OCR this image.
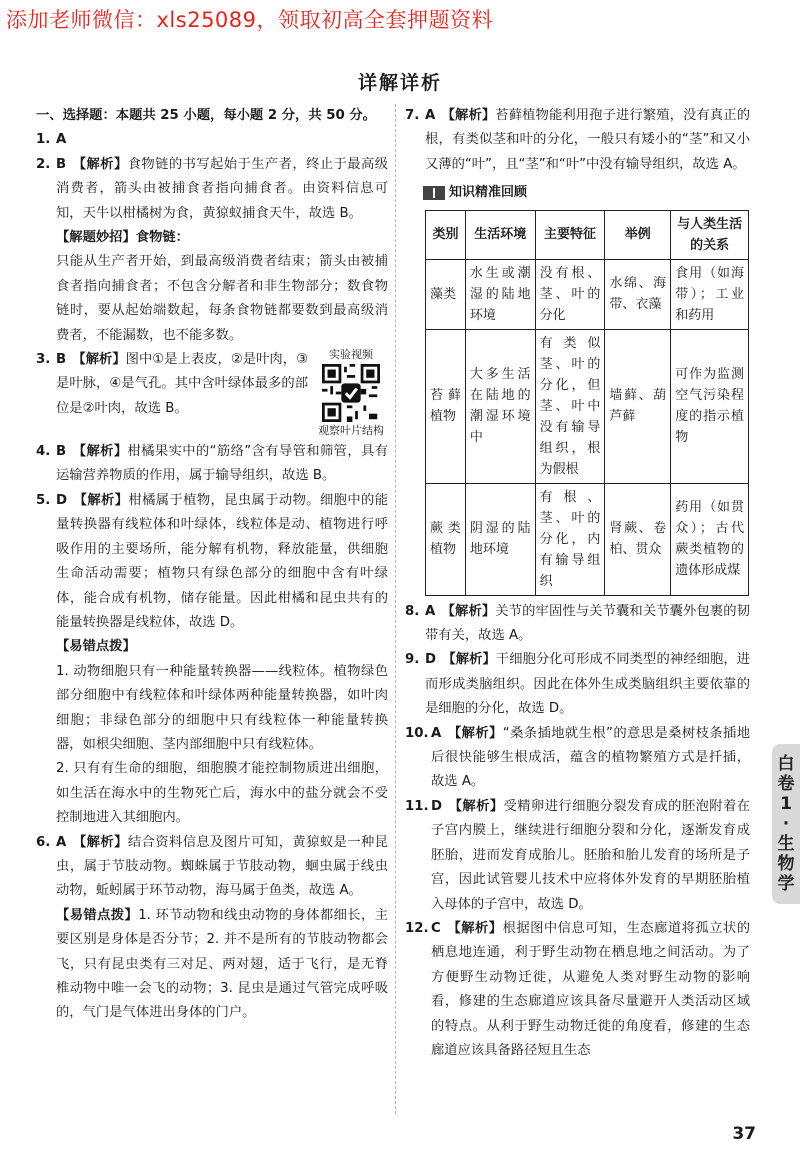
添加老师微信：xls25089，领取初高全套押题资料
详解详析

一、选择题：本题共 25 小题，每小题 2 分，共 50 分。

1. A
2. B 【解析】食物链的书写起始于生产者，终止于最高级消费者，箭头由被捕食者指向捕食者。由资料信息可知，天牛以柑橘树为食，黄猄蚁捕食天牛，故选 B。
【解题妙招】食物链：
只能从生产者开始，到最高级消费者结束；箭头由被捕食者指向捕食者；不包含分解者和非生物部分；数食物链时，要从起始端数起，每条食物链都要数到最高级消费者，不能漏数，也不能多数。
3.	实验视频
观察叶片结构
B 【解析】图中①是上表皮，②是叶肉，③是叶脉，④是气孔。其中含叶绿体最多的部位是②叶肉，故选 B。
4. B 【解析】柑橘果实中的“筋络”含有导管和筛管，具有运输营养物质的作用，属于输导组织，故选 B。
5. D 【解析】柑橘属于植物，昆虫属于动物。细胞中的能量转换器有线粒体和叶绿体，线粒体是动、植物进行呼吸作用的主要场所，能分解有机物，释放能量，供细胞生命活动需要；植物只有绿色部分的细胞中含有叶绿体，能合成有机物，储存能量。因此柑橘和昆虫共有的能量转换器是线粒体，故选 D。
【易错点拨】
1. 动物细胞只有一种能量转换器——线粒体。植物绿色部分细胞中有线粒体和叶绿体两种能量转换器，如叶肉细胞；非绿色部分的细胞中只有线粒体一种能量转换器，如根尖细胞、茎内部细胞中只有线粒体。
2. 只有有生命的细胞，细胞膜才能控制物质进出细胞，如生活在海水中的生物死亡后，海水中的盐分就会不受控制地进入其细胞内。
6. A 【解析】结合资料信息及图片可知，黄猄蚁是一种昆虫，属于节肢动物。蜘蛛属于节肢动物，蛔虫属于线虫动物，蚯蚓属于环节动物，海马属于鱼类，故选 A。
【易错点拨】1. 环节动物和线虫动物的身体都细长，主要区别是身体是否分节；2. 并不是所有的节肢动物都会飞，只有昆虫类有三对足、两对翅，适于飞行，是无脊椎动物中唯一会飞的动物；3. 昆虫是通过气管完成呼吸的，气门是气体进出身体的门户。
7. A 【解析】苔藓植物能利用孢子进行繁殖，没有真正的根，有类似茎和叶的分化，一般只有矮小的“茎”和又小又薄的“叶”，且“茎”和“叶”中没有输导组织，故选 A。
知识精准回顾
类别	生活环境	主要特征	举例	与人类生活的关系
藻类	水生或潮湿的陆地环境	没有根、茎、叶的分化	水绵、海带、衣藻	食用（如海带）；工业和药用
苔藓植物	大多生活在陆地的潮湿环境中	有类似茎、叶的分化，但茎、叶中没有输导组织，根为假根	墙藓、葫芦藓	可作为监测空气污染程度的指示植物
蕨类植物	阴湿的陆地环境	有根、茎、叶的分化，内有输导组织	肾蕨、卷柏、贯众	药用（如贯众）；古代蕨类植物的遗体形成煤
8. A 【解析】关节的牢固性与关节囊和关节囊外包裹的韧带有关，故选 A。
9. D 【解析】干细胞分化可形成不同类型的神经细胞，进而形成类脑组织。因此在体外生成类脑组织主要依靠的是细胞的分化，故选 D。
10. A 【解析】“桑条插地就生根”的意思是桑树枝条插地后很快能够生根成活，蕴含的植物繁殖方式是扦插，故选 A。
11. D 【解析】受精卵进行细胞分裂发育成的胚泡附着在子宫内膜上，继续进行细胞分裂和分化，逐渐发育成胚胎，进而发育成胎儿。胚胎和胎儿发育的场所是子宫，因此试管婴儿技术中应将体外发育的早期胚胎植入母体的子宫中，故选 D。
12. C 【解析】根据图中信息可知，生态廊道将孤立状的栖息地连通，利于野生动物在栖息地之间活动。为了方便野生动物迁徙，从避免人类对野生动物的影响看，修建的生态廊道应该具备尽量避开人类活动区域的特点。从利于野生动物迁徙的角度看，修建的生态廊道应该具备路径短且生态
白
卷
1
·
生
物
学
37
